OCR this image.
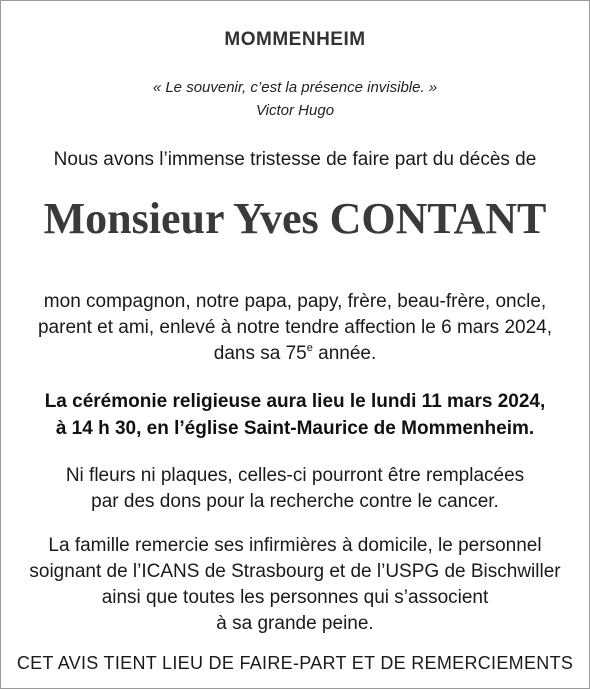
MOMMENHEIM
« Le souvenir, c’est la présence invisible. »
Victor Hugo
Nous avons l’immense tristesse de faire part du décès de
Monsieur Yves CONTANT
mon compagnon, notre papa, papy, frère, beau-frère, oncle,
parent et ami, enlevé à notre tendre affection le 6 mars 2024,
dans sa 75e année.
La cérémonie religieuse aura lieu le lundi 11 mars 2024,
à 14 h 30, en l’église Saint-Maurice de Mommenheim.
Ni fleurs ni plaques, celles-ci pourront être remplacées
par des dons pour la recherche contre le cancer.
La famille remercie ses infirmières à domicile, le personnel
soignant de l’ICANS de Strasbourg et de l’USPG de Bischwiller
ainsi que toutes les personnes qui s’associent
à sa grande peine.
CET AVIS TIENT LIEU DE FAIRE-PART ET DE REMERCIEMENTS
